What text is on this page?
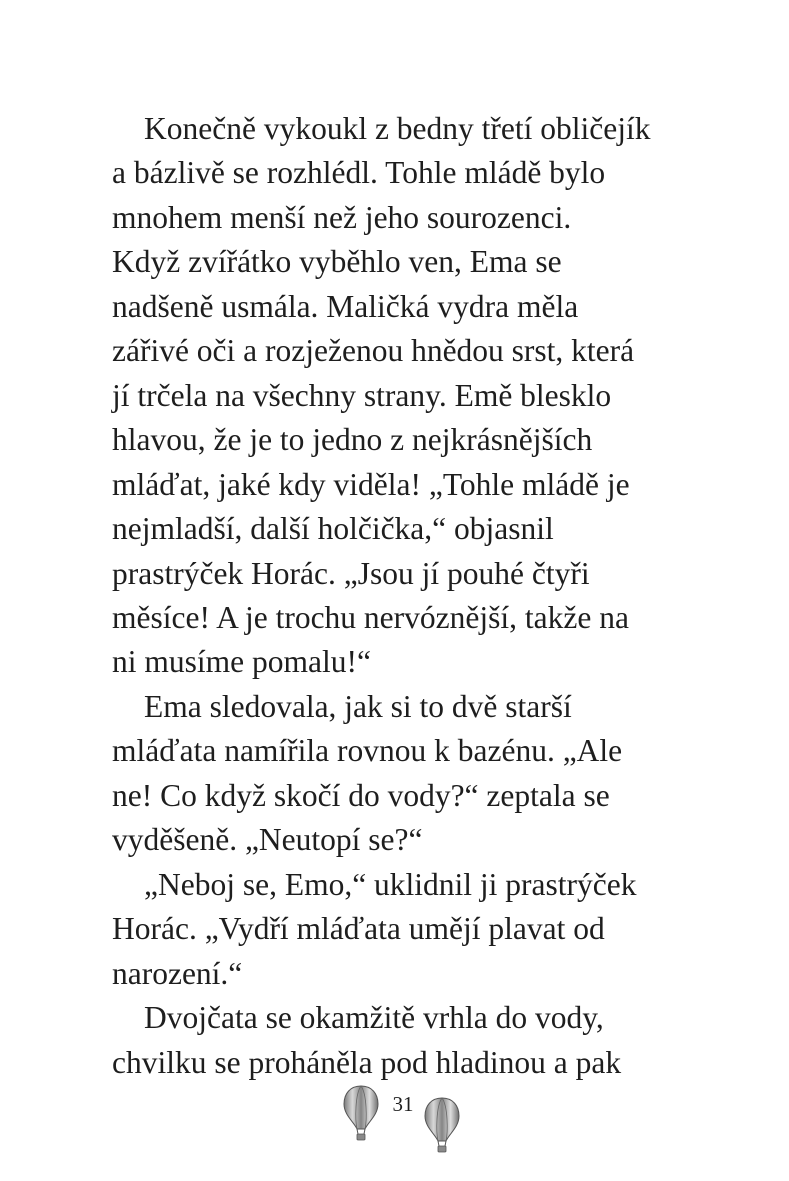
Konečně vykoukl z bedny třetí obličejík
a bázlivě se rozhlédl. Tohle mládě bylo
mnohem menší než jeho sourozenci.
Když zvířátko vyběhlo ven, Ema se
nadšeně usmála. Maličká vydra měla
zářivé oči a rozježenou hnědou srst, která
jí trčela na všechny strany. Emě blesklo
hlavou, že je to jedno z nejkrásnějších
mláďat, jaké kdy viděla! „Tohle mládě je
nejmladší, další holčička,“ objasnil
prastrýček Horác. „Jsou jí pouhé čtyři
měsíce! A je trochu nervóznější, takže na
ni musíme pomalu!“
Ema sledovala, jak si to dvě starší
mláďata namířila rovnou k bazénu. „Ale
ne! Co když skočí do vody?“ zeptala se
vyděšeně. „Neutopí se?“
„Neboj se, Emo,“ uklidnil ji prastrýček
Horác. „Vydří mláďata umějí plavat od
narození.“
Dvojčata se okamžitě vrhla do vody,
chvilku se proháněla pod hladinou a pak
31
